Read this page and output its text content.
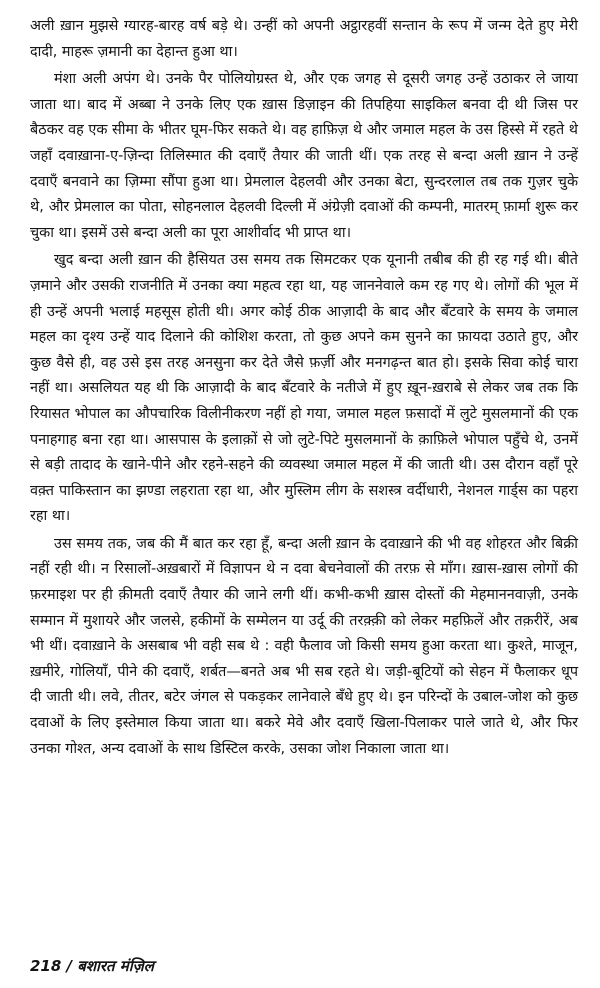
अली ख़ान मुझसे ग्यारह-बारह वर्ष बड़े थे। उन्हीं को अपनी अट्ठारहवीं सन्तान के रूप में जन्म देते हुए मेरी दादी, माहरू ज़मानी का देहान्त हुआ था।

मंशा अली अपंग थे। उनके पैर पोलियोग्रस्त थे, और एक जगह से दूसरी जगह उन्हें उठाकर ले जाया जाता था। बाद में अब्बा ने उनके लिए एक ख़ास डिज़ाइन की तिपहिया साइकिल बनवा दी थी जिस पर बैठकर वह एक सीमा के भीतर घूम-फिर सकते थे। वह हाफ़िज़ थे और जमाल महल के उस हिस्से में रहते थे जहाँ दवाख़ाना-ए-ज़िन्दा तिलिस्मात की दवाएँ तैयार की जाती थीं। एक तरह से बन्दा अली ख़ान ने उन्हें दवाएँ बनवाने का ज़िम्मा सौंपा हुआ था। प्रेमलाल देहलवी और उनका बेटा, सुन्दरलाल तब तक गुज़र चुके थे, और प्रेमलाल का पोता, सोहनलाल देहलवी दिल्ली में अंग्रेज़ी दवाओं की कम्पनी, मातरम् फ़ार्मा शुरू कर चुका था। इसमें उसे बन्दा अली का पूरा आशीर्वाद भी प्राप्त था।

खुद बन्दा अली ख़ान की हैसियत उस समय तक सिमटकर एक यूनानी तबीब की ही रह गई थी। बीते ज़माने और उसकी राजनीति में उनका क्या महत्व रहा था, यह जाननेवाले कम रह गए थे। लोगों की भूल में ही उन्हें अपनी भलाई महसूस होती थी। अगर कोई ठीक आज़ादी के बाद और बँटवारे के समय के जमाल महल का दृश्य उन्हें याद दिलाने की कोशिश करता, तो कुछ अपने कम सुनने का फ़ायदा उठाते हुए, और कुछ वैसे ही, वह उसे इस तरह अनसुना कर देते जैसे फ़र्ज़ी और मनगढ़न्त बात हो। इसके सिवा कोई चारा नहीं था। असलियत यह थी कि आज़ादी के बाद बँटवारे के नतीजे में हुए ख़ून-ख़राबे से लेकर जब तक कि रियासत भोपाल का औपचारिक विलीनीकरण नहीं हो गया, जमाल महल फ़सादों में लुटे मुसलमानों की एक पनाहगाह बना रहा था। आसपास के इलाक़ों से जो लुटे-पिटे मुसलमानों के क़ाफ़िले भोपाल पहुँचे थे, उनमें से बड़ी तादाद के खाने-पीने और रहने-सहने की व्यवस्था जमाल महल में की जाती थी। उस दौरान वहाँ पूरे वक़्त पाकिस्तान का झण्डा लहराता रहा था, और मुस्लिम लीग के सशस्त्र वर्दीधारी, नेशनल गार्ड्स का पहरा रहा था।

उस समय तक, जब की मैं बात कर रहा हूँ, बन्दा अली ख़ान के दवाख़ाने की भी वह शोहरत और बिक्री नहीं रही थी। न रिसालों-अख़बारों में विज्ञापन थे न दवा बेचनेवालों की तरफ़ से माँग। ख़ास-ख़ास लोगों की फ़रमाइश पर ही क़ीमती दवाएँ तैयार की जाने लगी थीं। कभी-कभी ख़ास दोस्तों की मेहमाननवाज़ी, उनके सम्मान में मुशायरे और जलसे, हकीमों के सम्मेलन या उर्दू की तरक़्क़ी को लेकर महफ़िलें और तक़रीरें, अब भी थीं। दवाख़ाने के असबाब भी वही सब थे : वही फैलाव जो किसी समय हुआ करता था। कुश्ते, माजून, ख़मीरे, गोलियाँ, पीने की दवाएँ, शर्बत—बनते अब भी सब रहते थे। जड़ी-बूटियों को सेहन में फैलाकर धूप दी जाती थी। लवे, तीतर, बटेर जंगल से पकड़कर लानेवाले बँधे हुए थे। इन परिन्दों के उबाल-जोश को कुछ दवाओं के लिए इस्तेमाल किया जाता था। बकरे मेवे और दवाएँ खिला-पिलाकर पाले जाते थे, और फिर उनका गोश्त, अन्य दवाओं के साथ डिस्टिल करके, उसका जोश निकाला जाता था।

218 / बशारत मंज़िल
